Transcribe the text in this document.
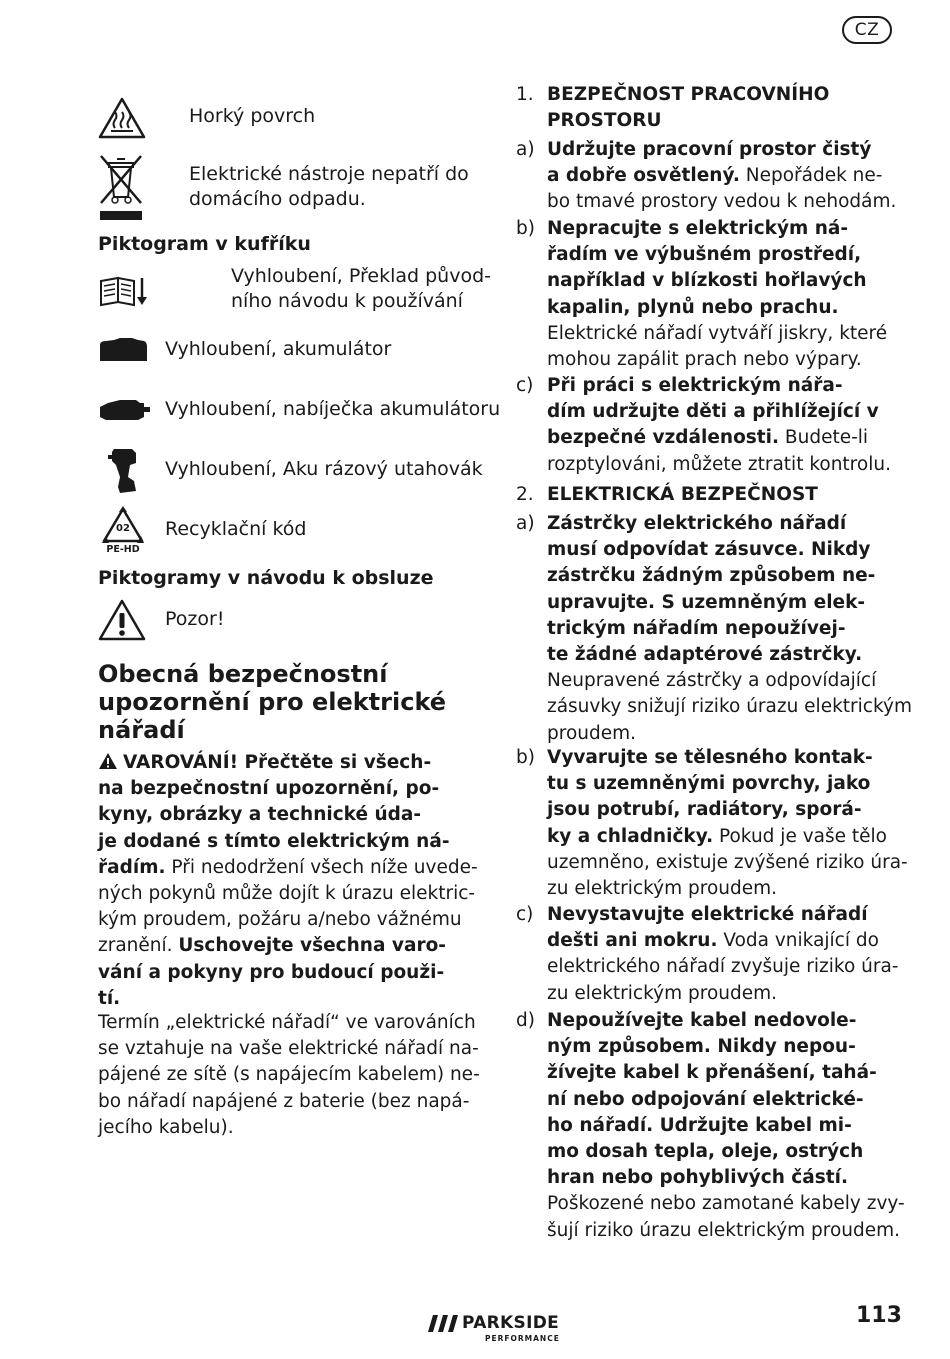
CZ
Horký povrch
Elektrické nástroje nepatří do
domácího odpadu.
Piktogram v kufříku
Vyhloubení, Překlad původ-
ního návodu k používání
Vyhloubení, akumulátor
Vyhloubení, nabíječka akumulátoru
Vyhloubení, Aku rázový utahovák
02
PE-HD
Recyklační kód
Piktogramy v návodu k obsluze
Pozor!
Obecná bezpečnostní
upozornění pro elektrické
nářadí
VAROVÁNÍ! Přečtěte si všech-
na bezpečnostní upozornění, po-
kyny, obrázky a technické úda-
je dodané s tímto elektrickým ná-
řadím. Při nedodržení všech níže uvede-
ných pokynů může dojít k úrazu elektric-
kým proudem, požáru a/nebo vážnému
zranění. Uschovejte všechna varo-
vání a pokyny pro budoucí použi-
tí.
Termín „elektrické nářadí“ ve varováních
se vztahuje na vaše elektrické nářadí na-
pájené ze sítě (s napájecím kabelem) ne-
bo nářadí napájené z baterie (bez napá-
jecího kabelu).
1. BEZPEČNOST PRACOVNÍHO
PROSTORU
a) Udržujte pracovní prostor čistý
a dobře osvětlený. Nepořádek ne-
bo tmavé prostory vedou k nehodám.
b) Nepracujte s elektrickým ná-
řadím ve výbušném prostředí,
například v blízkosti hořlavých
kapalin, plynů nebo prachu.
Elektrické nářadí vytváří jiskry, které
mohou zapálit prach nebo výpary.
c) Při práci s elektrickým nářa-
dím udržujte děti a přihlížející v
bezpečné vzdálenosti. Budete-li
rozptylováni, můžete ztratit kontrolu.
2. ELEKTRICKÁ BEZPEČNOST
a) Zástrčky elektrického nářadí
musí odpovídat zásuvce. Nikdy
zástrčku žádným způsobem ne-
upravujte. S uzemněným elek-
trickým nářadím nepoužívej-
te žádné adaptérové zástrčky.
Neupravené zástrčky a odpovídající
zásuvky snižují riziko úrazu elektrickým
proudem.
b) Vyvarujte se tělesného kontak-
tu s uzemněnými povrchy, jako
jsou potrubí, radiátory, sporá-
ky a chladničky. Pokud je vaše tělo
uzemněno, existuje zvýšené riziko úra-
zu elektrickým proudem.
c) Nevystavujte elektrické nářadí
dešti ani mokru. Voda vnikající do
elektrického nářadí zvyšuje riziko úra-
zu elektrickým proudem.
d) Nepoužívejte kabel nedovole-
ným způsobem. Nikdy nepou-
žívejte kabel k přenášení, tahá-
ní nebo odpojování elektrické-
ho nářadí. Udržujte kabel mi-
mo dosah tepla, oleje, ostrých
hran nebo pohyblivých částí.
Poškozené nebo zamotané kabely zvy-
šují riziko úrazu elektrickým proudem.
PARKSIDE
PERFORMANCE
113
